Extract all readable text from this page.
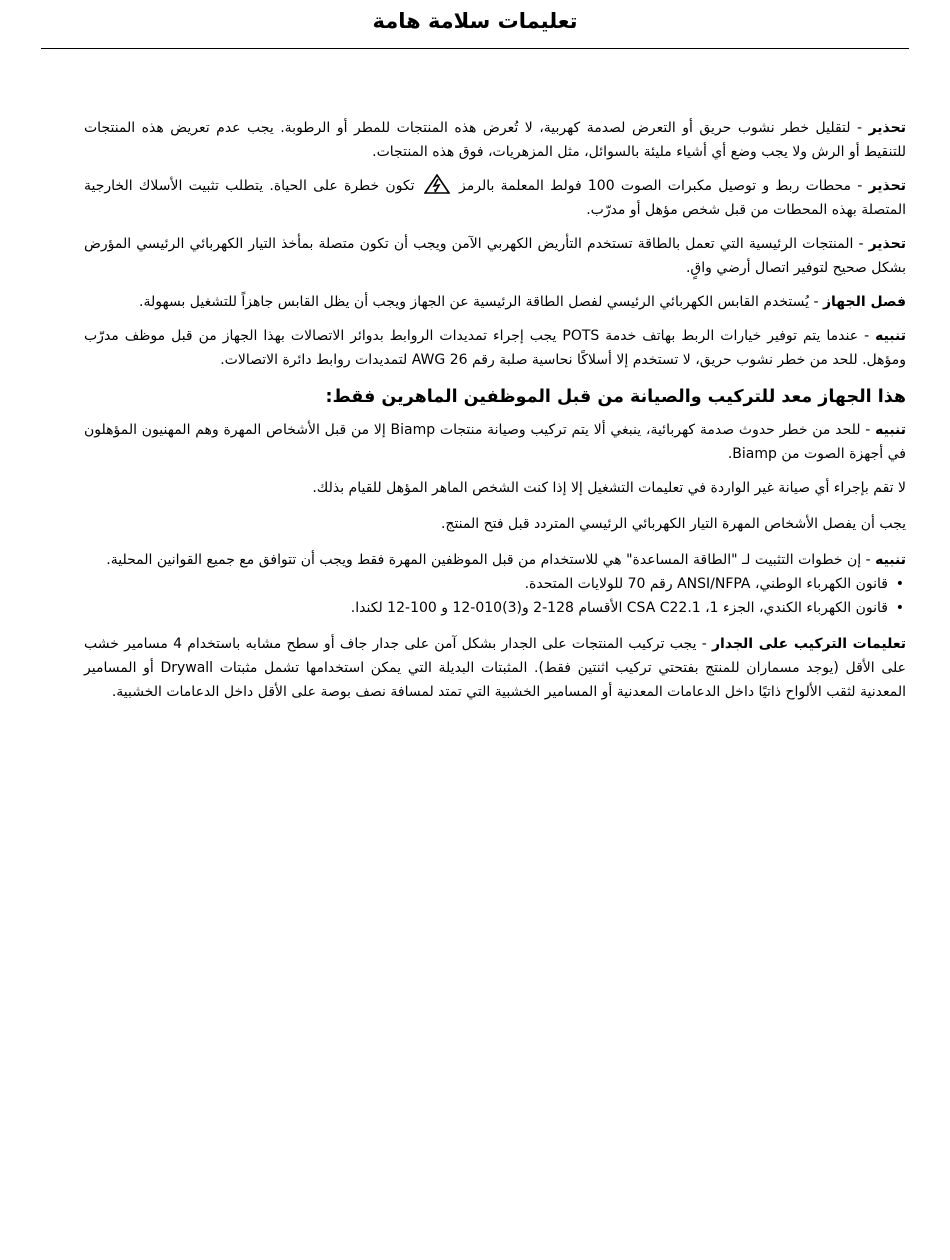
تعليمات سلامة هامة

تحذير - لتقليل خطر نشوب حريق أو التعرض لصدمة كهربية، لا تُعرض هذه المنتجات للمطر أو الرطوبة. يجب عدم تعريض هذه المنتجات للتنقيط أو الرش ولا يجب وضع أي أشياء مليئة بالسوائل، مثل المزهريات، فوق هذه المنتجات.

تحذير - محطات ربط و توصيل مكبرات الصوت 100 فولط المعلمة بالرمز  تكون خطرة على الحياة. يتطلب تثبيت الأسلاك الخارجية المتصلة بهذه المحطات من قبل شخص مؤهل أو مدرّب.

تحذير - المنتجات الرئيسية التي تعمل بالطاقة تستخدم التأريض الكهربي الآمن ويجب أن تكون متصلة بمأخذ التيار الكهربائي الرئيسي المؤرض بشكل صحيح لتوفير اتصال أرضي واقٍ.

فصل الجهاز - يُستخدم القابس الكهربائي الرئيسي لفصل الطاقة الرئيسية عن الجهاز ويجب أن يظل القابس جاهزاً للتشغيل بسهولة.

تنبيه - عندما يتم توفير خيارات الربط بهاتف خدمة POTS يجب إجراء تمديدات الروابط بدوائر الاتصالات بهذا الجهاز من قبل موظف مدرّب ومؤهل. للحد من خطر نشوب حريق، لا تستخدم إلا أسلاكًا نحاسية صلبة رقم AWG 26 لتمديدات روابط دائرة الاتصالات.

هذا الجهاز معد للتركيب والصيانة من قبل الموظفين الماهرين فقط:

تنبيه - للحد من خطر حدوث صدمة كهربائية، ينبغي ألا يتم تركيب وصيانة منتجات Biamp إلا من قبل الأشخاص المهرة وهم المهنيون المؤهلون في أجهزة الصوت من Biamp.

لا تقم بإجراء أي صيانة غير الواردة في تعليمات التشغيل إلا إذا كنت الشخص الماهر المؤهل للقيام بذلك.

يجب أن يفصل الأشخاص المهرة التيار الكهربائي الرئيسي المتردد قبل فتح المنتج.

تنبيه - إن خطوات التثبيت لـ "الطاقة المساعدة" هي للاستخدام من قبل الموظفين المهرة فقط ويجب أن تتوافق مع جميع القوانين المحلية.

• قانون الكهرباء الوطني، ANSI/NFPA رقم 70 للولايات المتحدة.
• قانون الكهرباء الكندي، الجزء 1، CSA C22.1 الأقسام 128-2 و(3)010-12 و 100-12 لكندا.

تعليمات التركيب على الجدار - يجب تركيب المنتجات على الجدار بشكل آمن على جدار جاف أو سطح مشابه باستخدام 4 مسامير خشب على الأقل (يوجد مسماران للمنتج بفتحتي تركيب اثنتين فقط). المثبتات البديلة التي يمكن استخدامها تشمل مثبتات Drywall أو المسامير المعدنية لثقب الألواح ذاتيًا داخل الدعامات المعدنية أو المسامير الخشبية التي تمتد لمسافة نصف بوصة على الأقل داخل الدعامات الخشبية.
